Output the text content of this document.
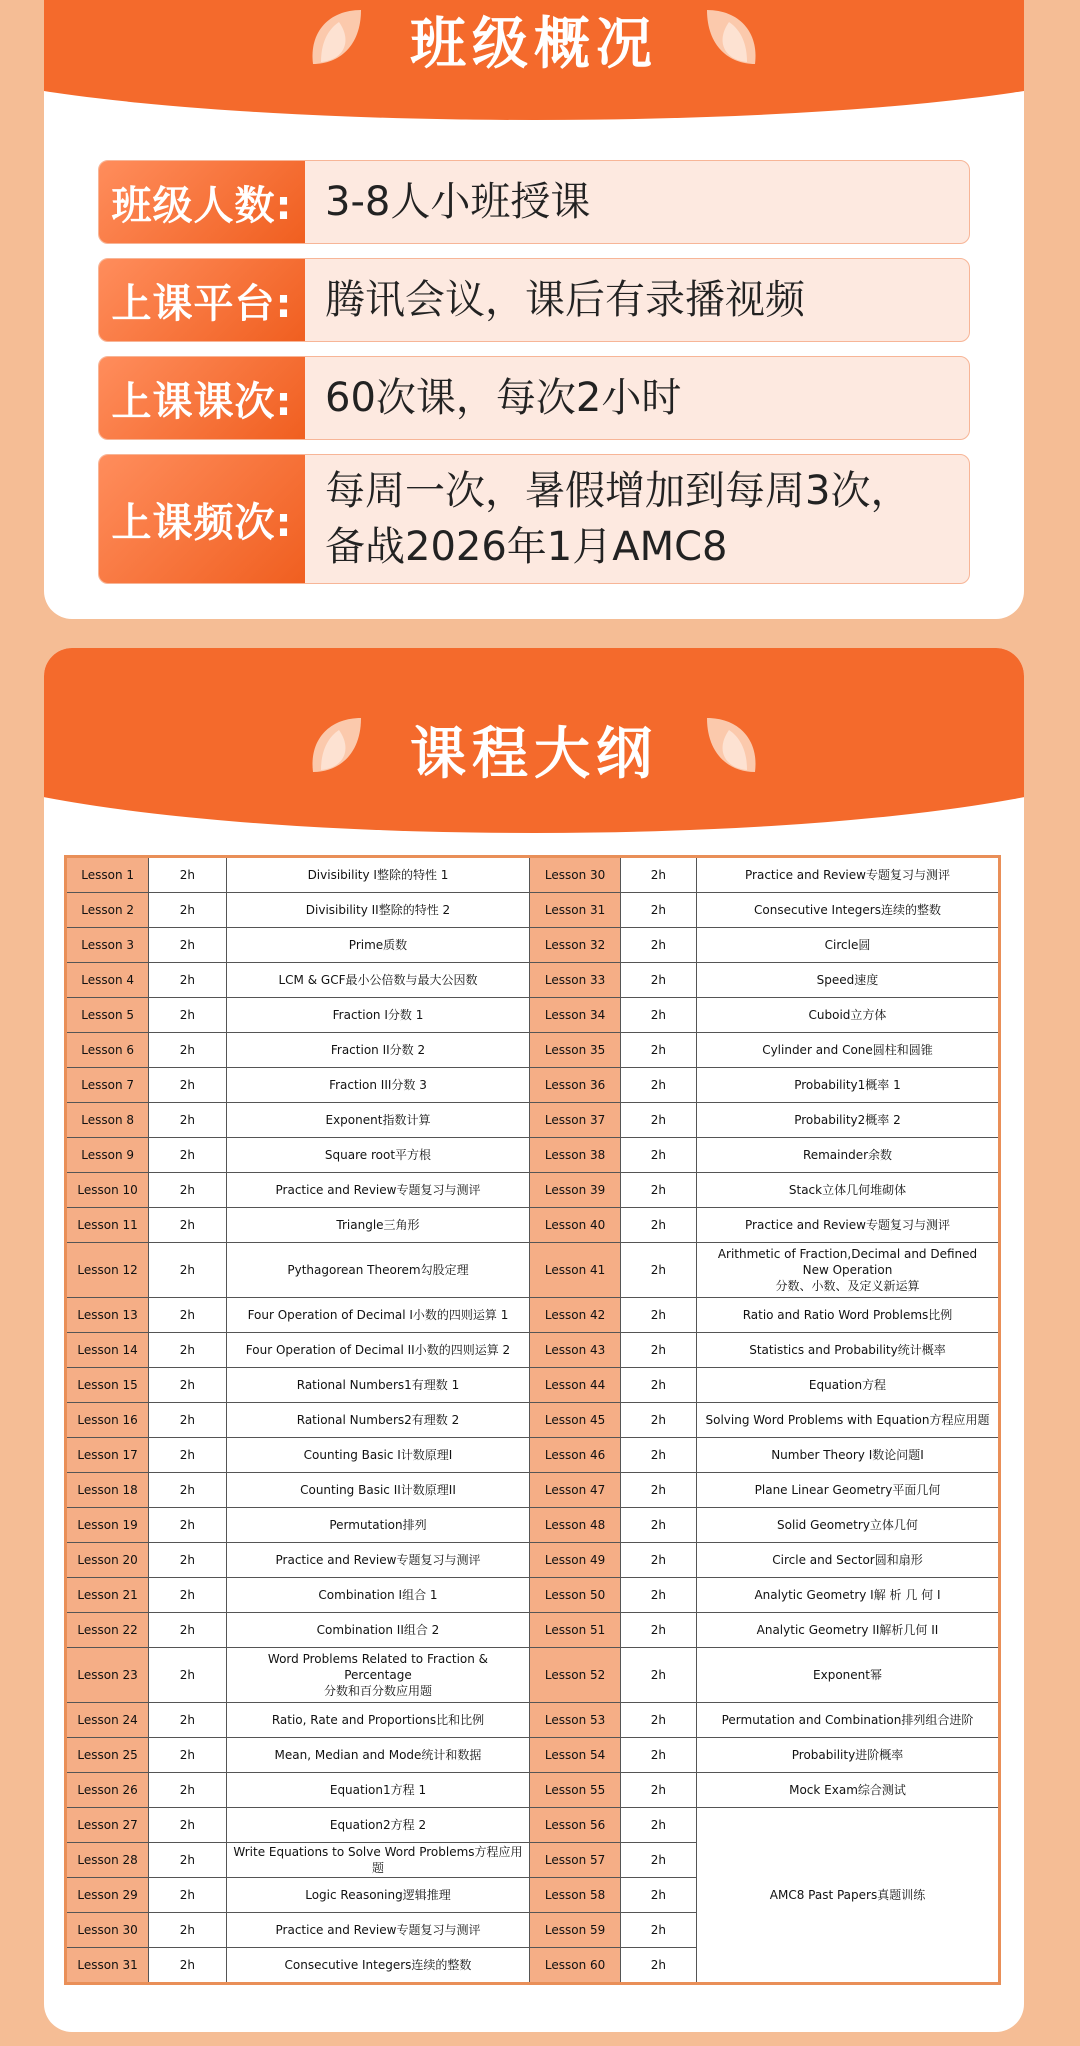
班级概况
班级人数: 3-8人小班授课
上课平台: 腾讯会议，课后有录播视频
上课课次: 60次课，每次2小时
上课频次:
每周一次，暑假增加到每周3次，
备战2026年1月AMC8
课程大纲
Lesson 1	2h	Divisibility I整除的特性 1	Lesson 30	2h	Practice and Review专题复习与测评
Lesson 2	2h	Divisibility II整除的特性 2	Lesson 31	2h	Consecutive Integers连续的整数
Lesson 3	2h	Prime质数	Lesson 32	2h	Circle圆
Lesson 4	2h	LCM & GCF最小公倍数与最大公因数	Lesson 33	2h	Speed速度
Lesson 5	2h	Fraction I分数 1	Lesson 34	2h	Cuboid立方体
Lesson 6	2h	Fraction II分数 2	Lesson 35	2h	Cylinder and Cone圆柱和圆锥
Lesson 7	2h	Fraction III分数 3	Lesson 36	2h	Probability1概率 1
Lesson 8	2h	Exponent指数计算	Lesson 37	2h	Probability2概率 2
Lesson 9	2h	Square root平方根	Lesson 38	2h	Remainder余数
Lesson 10	2h	Practice and Review专题复习与测评	Lesson 39	2h	Stack立体几何堆砌体
Lesson 11	2h	Triangle三角形	Lesson 40	2h	Practice and Review专题复习与测评
Lesson 12	2h	Pythagorean Theorem勾股定理	Lesson 41	2h	Arithmetic of Fraction,Decimal and Defined New Operation
分数、小数、及定义新运算

Lesson 13	2h	Four Operation of Decimal I小数的四则运算 1	Lesson 42	2h	Ratio and Ratio Word Problems比例
Lesson 14	2h	Four Operation of Decimal II小数的四则运算 2	Lesson 43	2h	Statistics and Probability统计概率
Lesson 15	2h	Rational Numbers1有理数 1	Lesson 44	2h	Equation方程
Lesson 16	2h	Rational Numbers2有理数 2	Lesson 45	2h	Solving Word Problems with Equation方程应用题
Lesson 17	2h	Counting Basic I计数原理I	Lesson 46	2h	Number Theory I数论问题I
Lesson 18	2h	Counting Basic II计数原理II	Lesson 47	2h	Plane Linear Geometry平面几何
Lesson 19	2h	Permutation排列	Lesson 48	2h	Solid Geometry立体几何
Lesson 20	2h	Practice and Review专题复习与测评	Lesson 49	2h	Circle and Sector圆和扇形
Lesson 21	2h	Combination I组合 1	Lesson 50	2h	Analytic Geometry I解 析 几 何 I
Lesson 22	2h	Combination II组合 2	Lesson 51	2h	Analytic Geometry II解析几何 II
Lesson 23	2h	Word Problems Related to Fraction & Percentage
分数和百分数应用题	Lesson 52	2h	Exponent幂
Lesson 24	2h	Ratio, Rate and Proportions比和比例	Lesson 53	2h	Permutation and Combination排列组合进阶
Lesson 25	2h	Mean, Median and Mode统计和数据	Lesson 54	2h	Probability进阶概率
Lesson 26	2h	Equation1方程 1	Lesson 55	2h	Mock Exam综合测试
Lesson 27	2h	Equation2方程 2	Lesson 56	2h	AMC8 Past Papers真题训练
Lesson 28	2h	Write Equations to Solve Word Problems方程应用题	Lesson 57	2h	
Lesson 29	2h	Logic Reasoning逻辑推理	Lesson 58	2h	
Lesson 30	2h	Practice and Review专题复习与测评	Lesson 59	2h	
Lesson 31	2h	Consecutive Integers连续的整数	Lesson 60	2h	
